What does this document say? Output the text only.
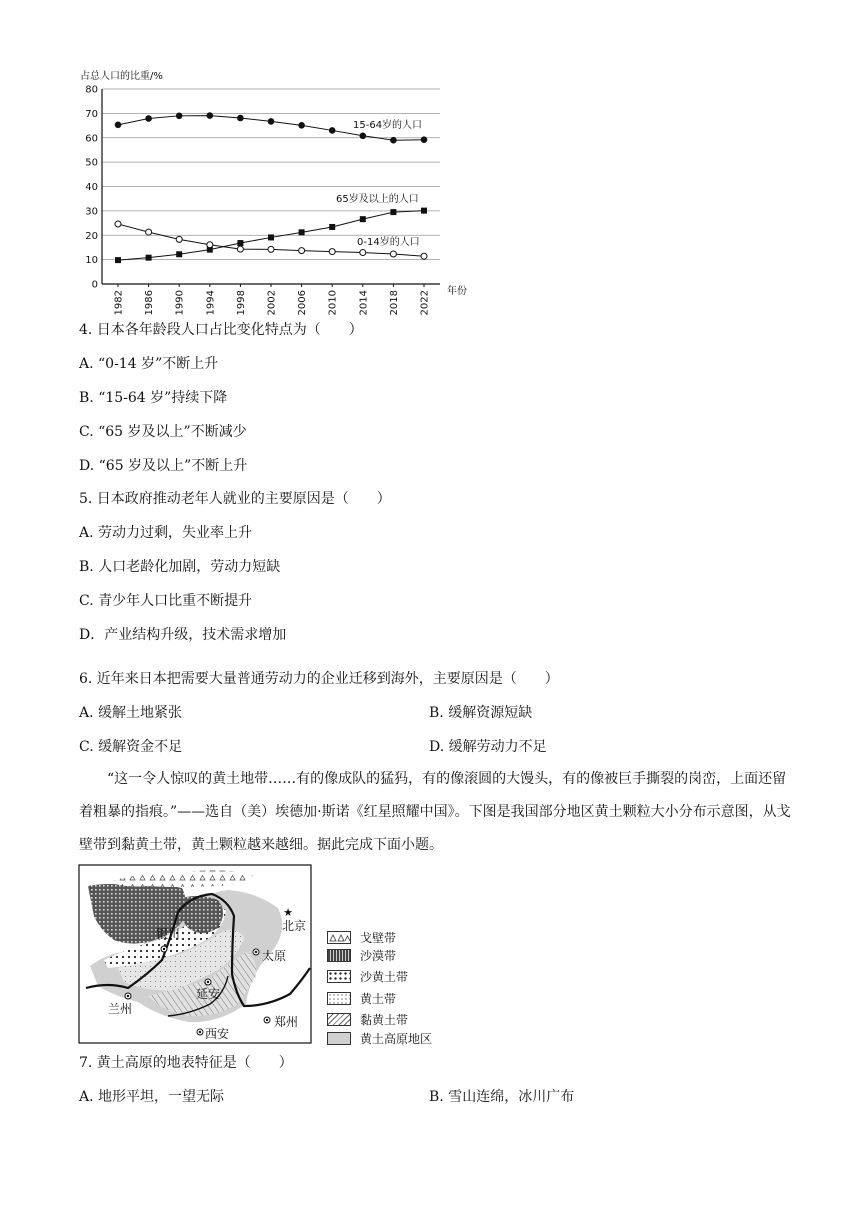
占总人口的比重/%
0
10
20
30
40
50
60
70
80
1982 1986 1990 1994 1998 2002 2006 2010 2014 2018 2022 年份
15-64岁的人口
65岁及以上的人口
0-14岁的人口
4. 日本各年龄段人口占比变化特点为（　　）
A. “0-14 岁”不断上升
B. “15-64 岁”持续下降
C. “65 岁及以上”不断减少
D. “65 岁及以上”不断上升
5. 日本政府推动老年人就业的主要原因是（　　）
A. 劳动力过剩，失业率上升
B. 人口老龄化加剧，劳动力短缺
C. 青少年人口比重不断提升
D．产业结构升级，技术需求增加
6. 近年来日本把需要大量普通劳动力的企业迁移到海外，主要原因是（　　）
A. 缓解土地紧张	B. 缓解资源短缺
C. 缓解资金不足	D. 缓解劳动力不足
“这一令人惊叹的黄土地带……有的像成队的猛犸，有的像滚圆的大馒头，有的像被巨手撕裂的岗峦，上面还留着粗暴的指痕。”——选自（美）埃德加·斯诺《红星照耀中国》。下图是我国部分地区黄土颗粒大小分布示意图，从戈壁带到黏黄土带，黄土颗粒越来越细。据此完成下面小题。
★
北京
银川
太原
延安
兰州
西安
郑州
戈壁带
沙漠带
沙黄土带
黄土带
黏黄土带
黄土高原地区
7. 黄土高原的地表特征是（　　）
A. 地形平坦，一望无际	B. 雪山连绵，冰川广布
